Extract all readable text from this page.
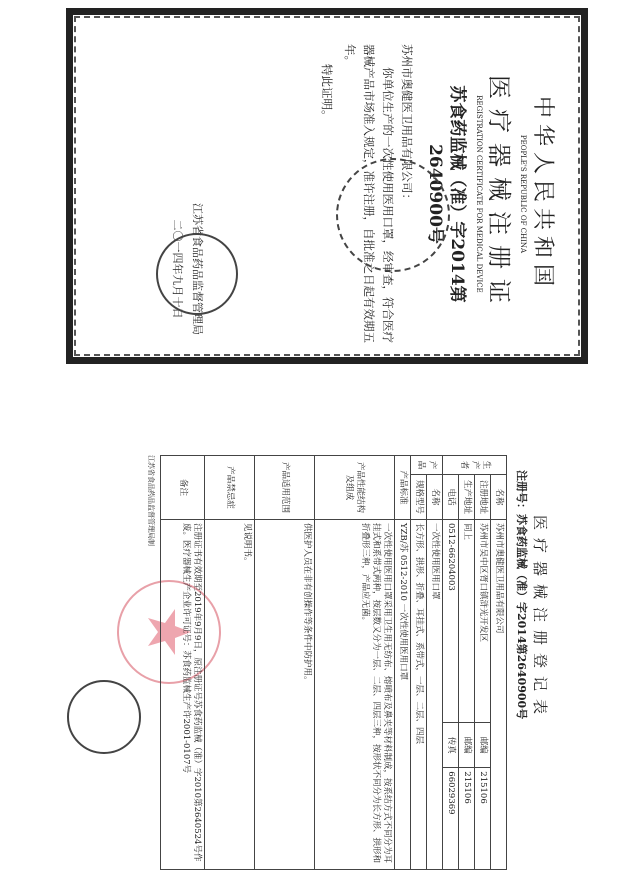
中华人民共和国
PEOPLE'S REPUBLIC OF CHINA
医疗器械注册证
REGISTRATION CERTIFICATE FOR MEDICAL DEVICE
苏食药监械（准）字2014第2640900号
苏州市奥健医卫用品有限公司：
你单位生产的一次性使用医用口罩，经审查，符合医疗器械产品市场准入规定，准许注册，自批准之日起有效期五年。
特此证明。
江苏省食品药品监督管理局
二〇一四年九月十日
医疗器械注册登记表
注册号：苏食药监械（准）字2014第2640900号
生产者	名称	苏州市奥健医卫用品有限公司		
	注册地址	苏州市吴中区胥口镇浒光开发区	邮编	215106
	生产地址	同上	邮编	215106
	电话	0512-66204003	传真	66029369
产品	名称	一次性使用医用口罩		
	规格型号	长方形、拱形、折叠、耳挂式、系带式，一层、二层、四层		
产品标准		YZB/苏 0512-2010 一次性使用医用口罩		
产品性能结构及组成		一次性使用医用口罩采用卫生用无纺布、熔喷布及鼻夹等材料制成，按系结方式不同分为耳挂式和系带式两种，按层数又分为一层、二层、四层三种，按形状不同分为长方形、拱形和折叠形三种，产品应无菌。		
产品适用范围		供医护人员在非有创操作等条件中防护用。		
产品禁忌症		见说明书。		
备注		注册证书有效期至2019年9月9日，原注册证号苏食药监械（准）字2010第2640524号作废。医疗器械生产企业许可证号：苏食药监械生产许2001-0107号		
江苏省食品药品监督管理局制
